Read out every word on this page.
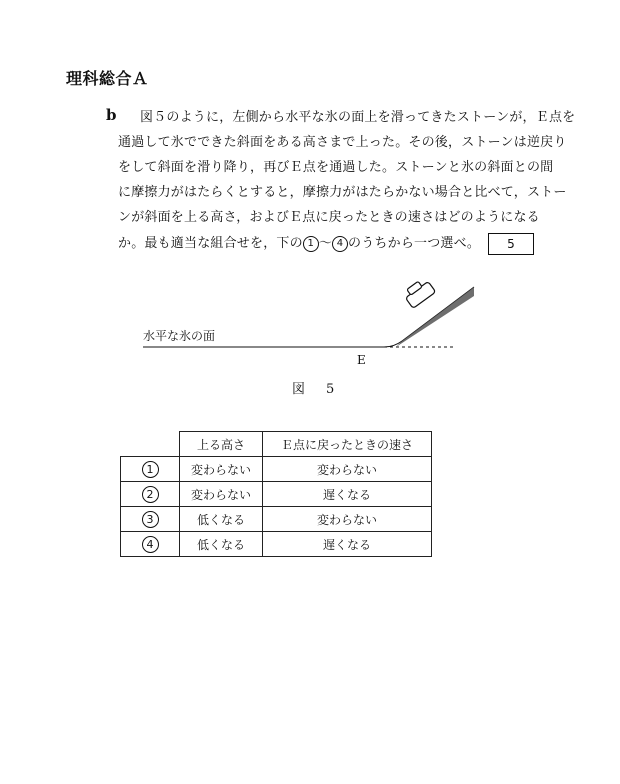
理科総合Ａ
b 図５のように，左側から水平な氷の面上を滑ってきたストーンが，Ｅ点を
通過して氷でできた斜面をある高さまで上った。その後，ストーンは逆戻り
をして斜面を滑り降り，再びＥ点を通過した。ストーンと氷の斜面との間
に摩擦力がはたらくとすると，摩擦力がはたらかない場合と比べて，ストー
ンが斜面を上る高さ，およびＥ点に戻ったときの速さはどのようになる
か。最も適当な組合せを，下の 1 ～ 4 のうちから一つ選べ。 5
水平な氷の面
E
図　5
	上る高さ	Ｅ点に戻ったときの速さ
1	変わらない	変わらない
2	変わらない	遅くなる
3	低くなる	変わらない
4	低くなる	遅くなる
